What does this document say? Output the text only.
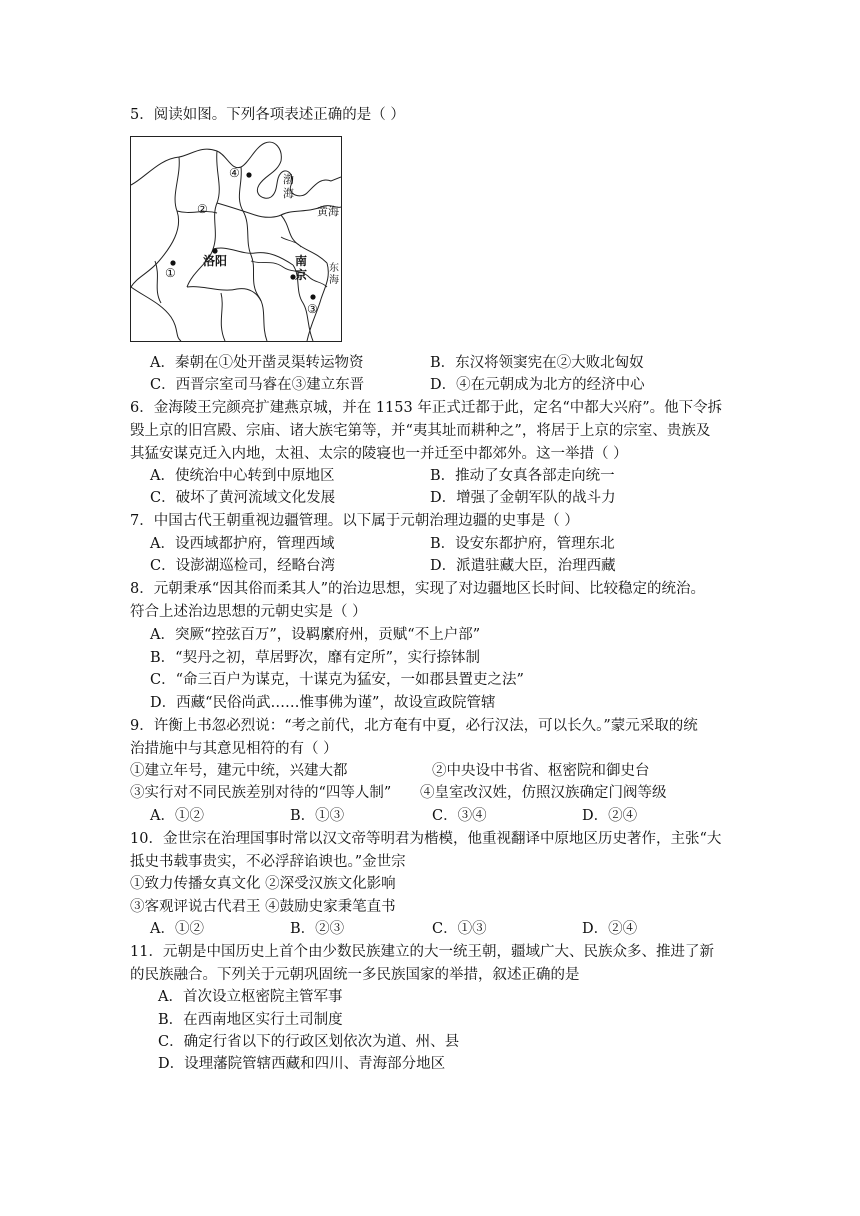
5．阅读如图。下列各项表述正确的是（ ）
④
②
①
③
渤
海
黄海
洛阳	南
京 东
海
A．秦朝在①处开凿灵渠转运物资	B．东汉将领窦宪在②大败北匈奴
C．西晋宗室司马睿在③建立东晋	D．④在元朝成为北方的经济中心
6．金海陵王完颜亮扩建燕京城，并在 1153 年正式迁都于此，定名“中都大兴府”。他下令拆
毁上京的旧宫殿、宗庙、诸大族宅第等，并“夷其址而耕种之”，将居于上京的宗室、贵族及
其猛安谋克迁入内地，太祖、太宗的陵寝也一并迁至中都郊外。这一举措（ ）
A．使统治中心转到中原地区	B．推动了女真各部走向统一
C．破坏了黄河流域文化发展	D．增强了金朝军队的战斗力
7．中国古代王朝重视边疆管理。以下属于元朝治理边疆的史事是（ ）
A．设西域都护府，管理西域	B．设安东都护府，管理东北
C．设澎湖巡检司，经略台湾	D．派遣驻藏大臣，治理西藏
8．元朝秉承“因其俗而柔其人”的治边思想，实现了对边疆地区长时间、比较稳定的统治。
符合上述治边思想的元朝史实是（ ）
A．突厥“控弦百万”，设羁縻府州，贡赋“不上户部”
B．“契丹之初，草居野次，靡有定所”，实行捺钵制
C．“命三百户为谋克，十谋克为猛安，一如郡县置吏之法”
D．西藏“民俗尚武……惟事佛为谨”，故设宣政院管辖
9．许衡上书忽必烈说：“考之前代，北方奄有中夏，必行汉法，可以长久。”蒙元采取的统
治措施中与其意见相符的有（ ）
①建立年号，建元中统，兴建大都	②中央设中书省、枢密院和御史台
③实行对不同民族差别对待的“四等人制” ④皇室改汉姓，仿照汉族确定门阀等级
A．①②	B．①③	C．③④	D．②④
10．金世宗在治理国事时常以汉文帝等明君为楷模，他重视翻译中原地区历史著作，主张“大
抵史书载事贵实，不必浮辞谄谀也。”金世宗
①致力传播女真文化 ②深受汉族文化影响
③客观评说古代君王 ④鼓励史家秉笔直书
A．①②	B．②③	C．①③	D．②④
11．元朝是中国历史上首个由少数民族建立的大一统王朝，疆域广大、民族众多、推进了新
的民族融合。下列关于元朝巩固统一多民族国家的举措，叙述正确的是
A．首次设立枢密院主管军事
B．在西南地区实行土司制度
C．确定行省以下的行政区划依次为道、州、县
D．设理藩院管辖西藏和四川、青海部分地区
